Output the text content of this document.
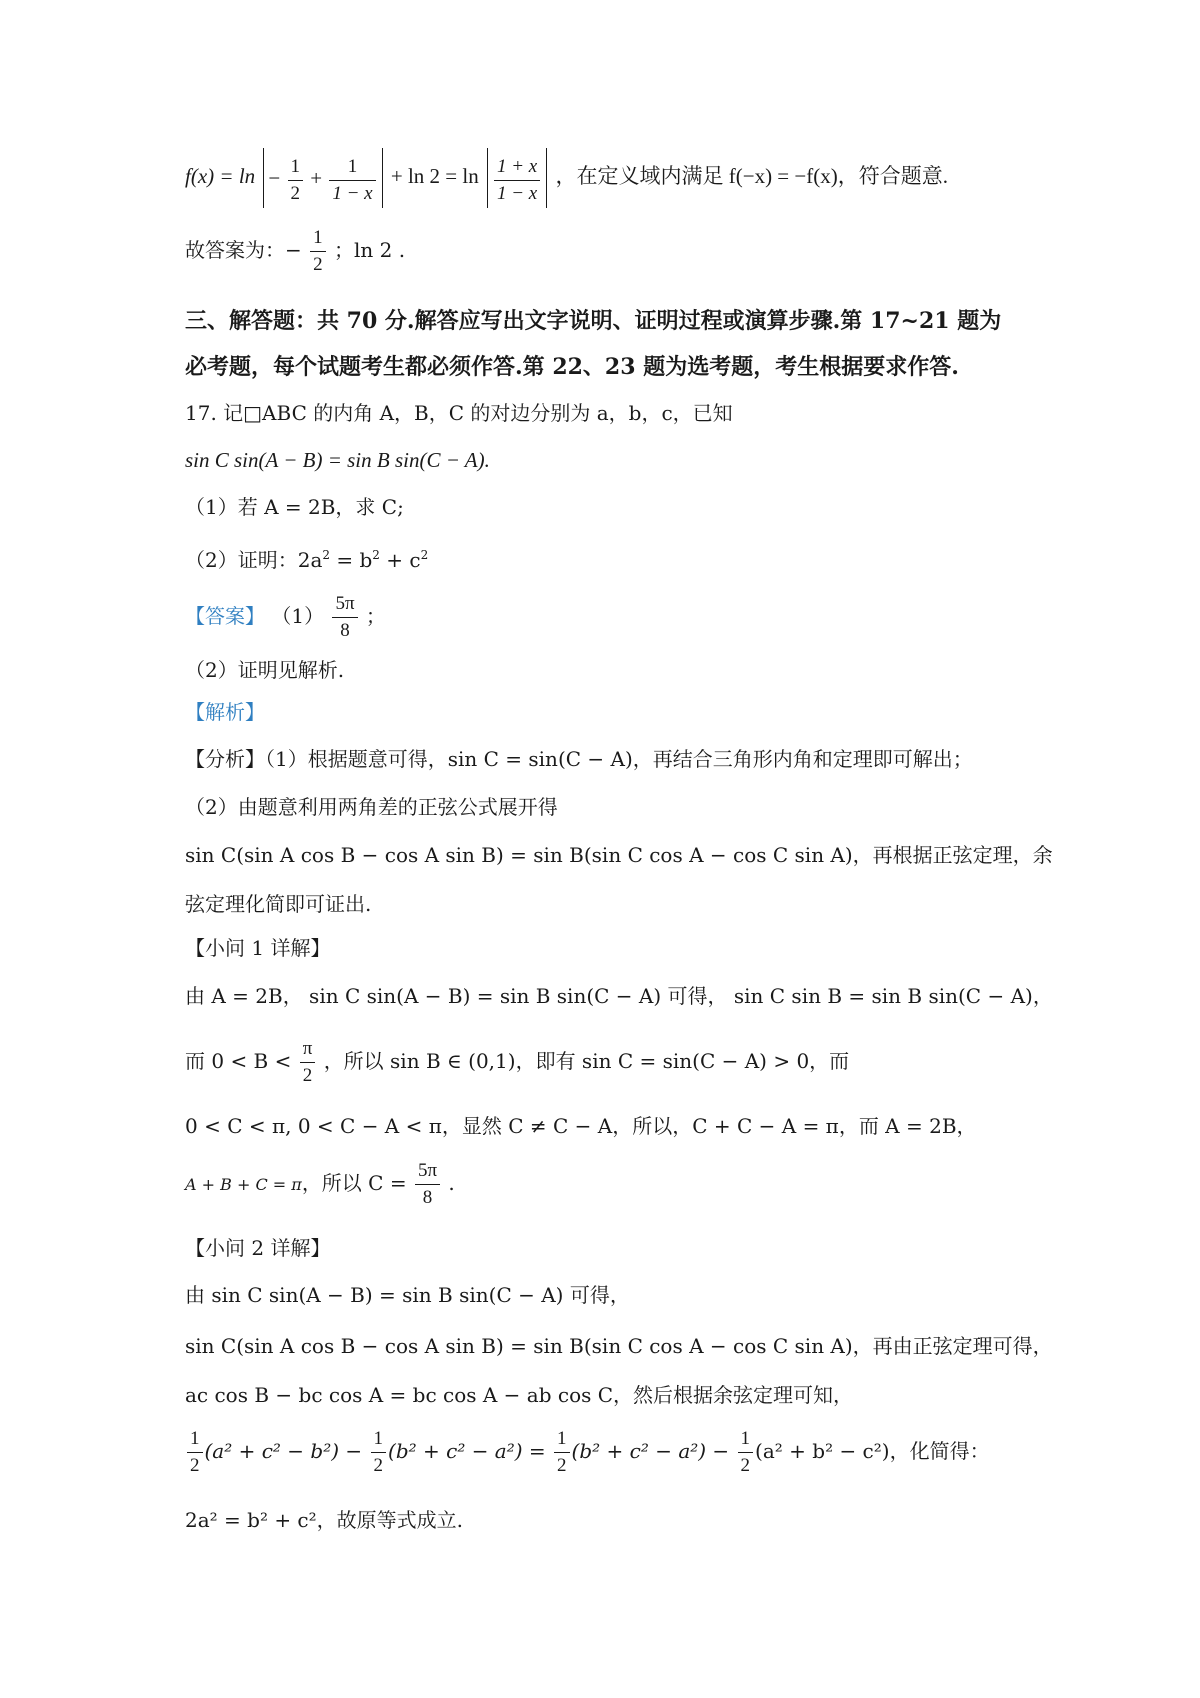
$f(x) = \ln - \frac{1}{2} + \frac{1}{1 - x} + \ln 2 = \ln \frac{1 + x}{1 - x}$ ，在定义域内满足 f(−x) = −f(x)，符合题意.
故答案为：− $\frac{1}{2}$ ；ln 2 .
三、解答题：共 70 分.解答应写出文字说明、证明过程或演算步骤.第 17~21 题为
必考题，每个试题考生都必须作答.第 22、23 题为选考题，考生根据要求作答.
17. 记□ABC 的内角 A，B，C 的对边分别为 a，b，c，已知
sin C sin(A − B) = sin B sin(C − A).
（1）若 A = 2B，求 C;
（2）证明：$2a^2 = b^2 + c^2$
【答案】 $(1) \frac{5\pi}{8}$ ；
（2）证明见解析.
【解析】
【分析】（1）根据题意可得，sin C = sin(C − A)，再结合三角形内角和定理即可解出；
（2）由题意利用两角差的正弦公式展开得
sin C(sin A cos B − cos A sin B) = sin B(sin C cos A − cos C sin A)，再根据正弦定理，余
弦定理化简即可证出.
【小问 1 详解】
由 A = 2B， sin C sin(A − B) = sin B sin(C − A) 可得， sin C sin B = sin B sin(C − A)，
而 $0 < B < \frac{\pi}{2}$ ，所以 sin B ∈ (0,1)，即有 sin C = sin(C − A) > 0，而
0 < C < π, 0 < C − A < π，显然 C ≠ C − A，所以，C + C − A = π，而 A = 2B，
A + B + C = π，所以 $C = \frac{5\pi}{8}$ .
【小问 2 详解】
由 sin C sin(A − B) = sin B sin(C − A) 可得，
sin C(sin A cos B − cos A sin B) = sin B(sin C cos A − cos C sin A)，再由正弦定理可得，
ac cos B − bc cos A = bc cos A − ab cos C，然后根据余弦定理可知，
$\frac{1}{2} (a^2 + c^2 - b^2) - \frac{1}{2} (b^2 + c^2 - a^2) = \frac{1}{2} (b^2 + c^2 - a^2) - \frac{1}{2} (a^2 + b^2 - c^2)$，化简得：
2a² = b² + c²，故原等式成立.
